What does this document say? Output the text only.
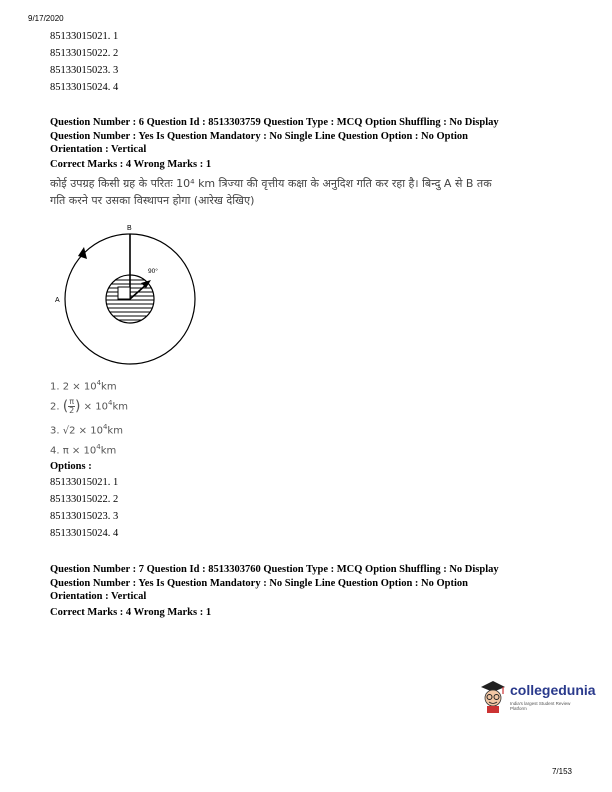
9/17/2020
85133015021. 1
85133015022. 2
85133015023. 3
85133015024. 4
Question Number : 6 Question Id : 8513303759 Question Type : MCQ Option Shuffling : No Display
Question Number : Yes Is Question Mandatory : No Single Line Question Option : No Option
Orientation : Vertical
Correct Marks : 4 Wrong Marks : 1
कोई उपग्रह किसी ग्रह के परितः 10⁴ km त्रिज्या की वृत्तीय कक्षा के अनुदिश गति कर रहा है। बिन्दु A से B तक
गति करने पर उसका विस्थापन होगा (आरेख देखिए)
B
A
90°
1. $2 \times 10^4km$
2. ( $\frac{\pi}{2}$ ) × $10^4km$
3. $√2 \times 10^4km$
4. $\pi \times 10^4km$
Options :
85133015021. 1
85133015022. 2
85133015023. 3
85133015024. 4
Question Number : 7 Question Id : 8513303760 Question Type : MCQ Option Shuffling : No Display
Question Number : Yes Is Question Mandatory : No Single Line Question Option : No Option
Orientation : Vertical
Correct Marks : 4 Wrong Marks : 1
collegedunia
India's largest Student Review Platform
7/153
